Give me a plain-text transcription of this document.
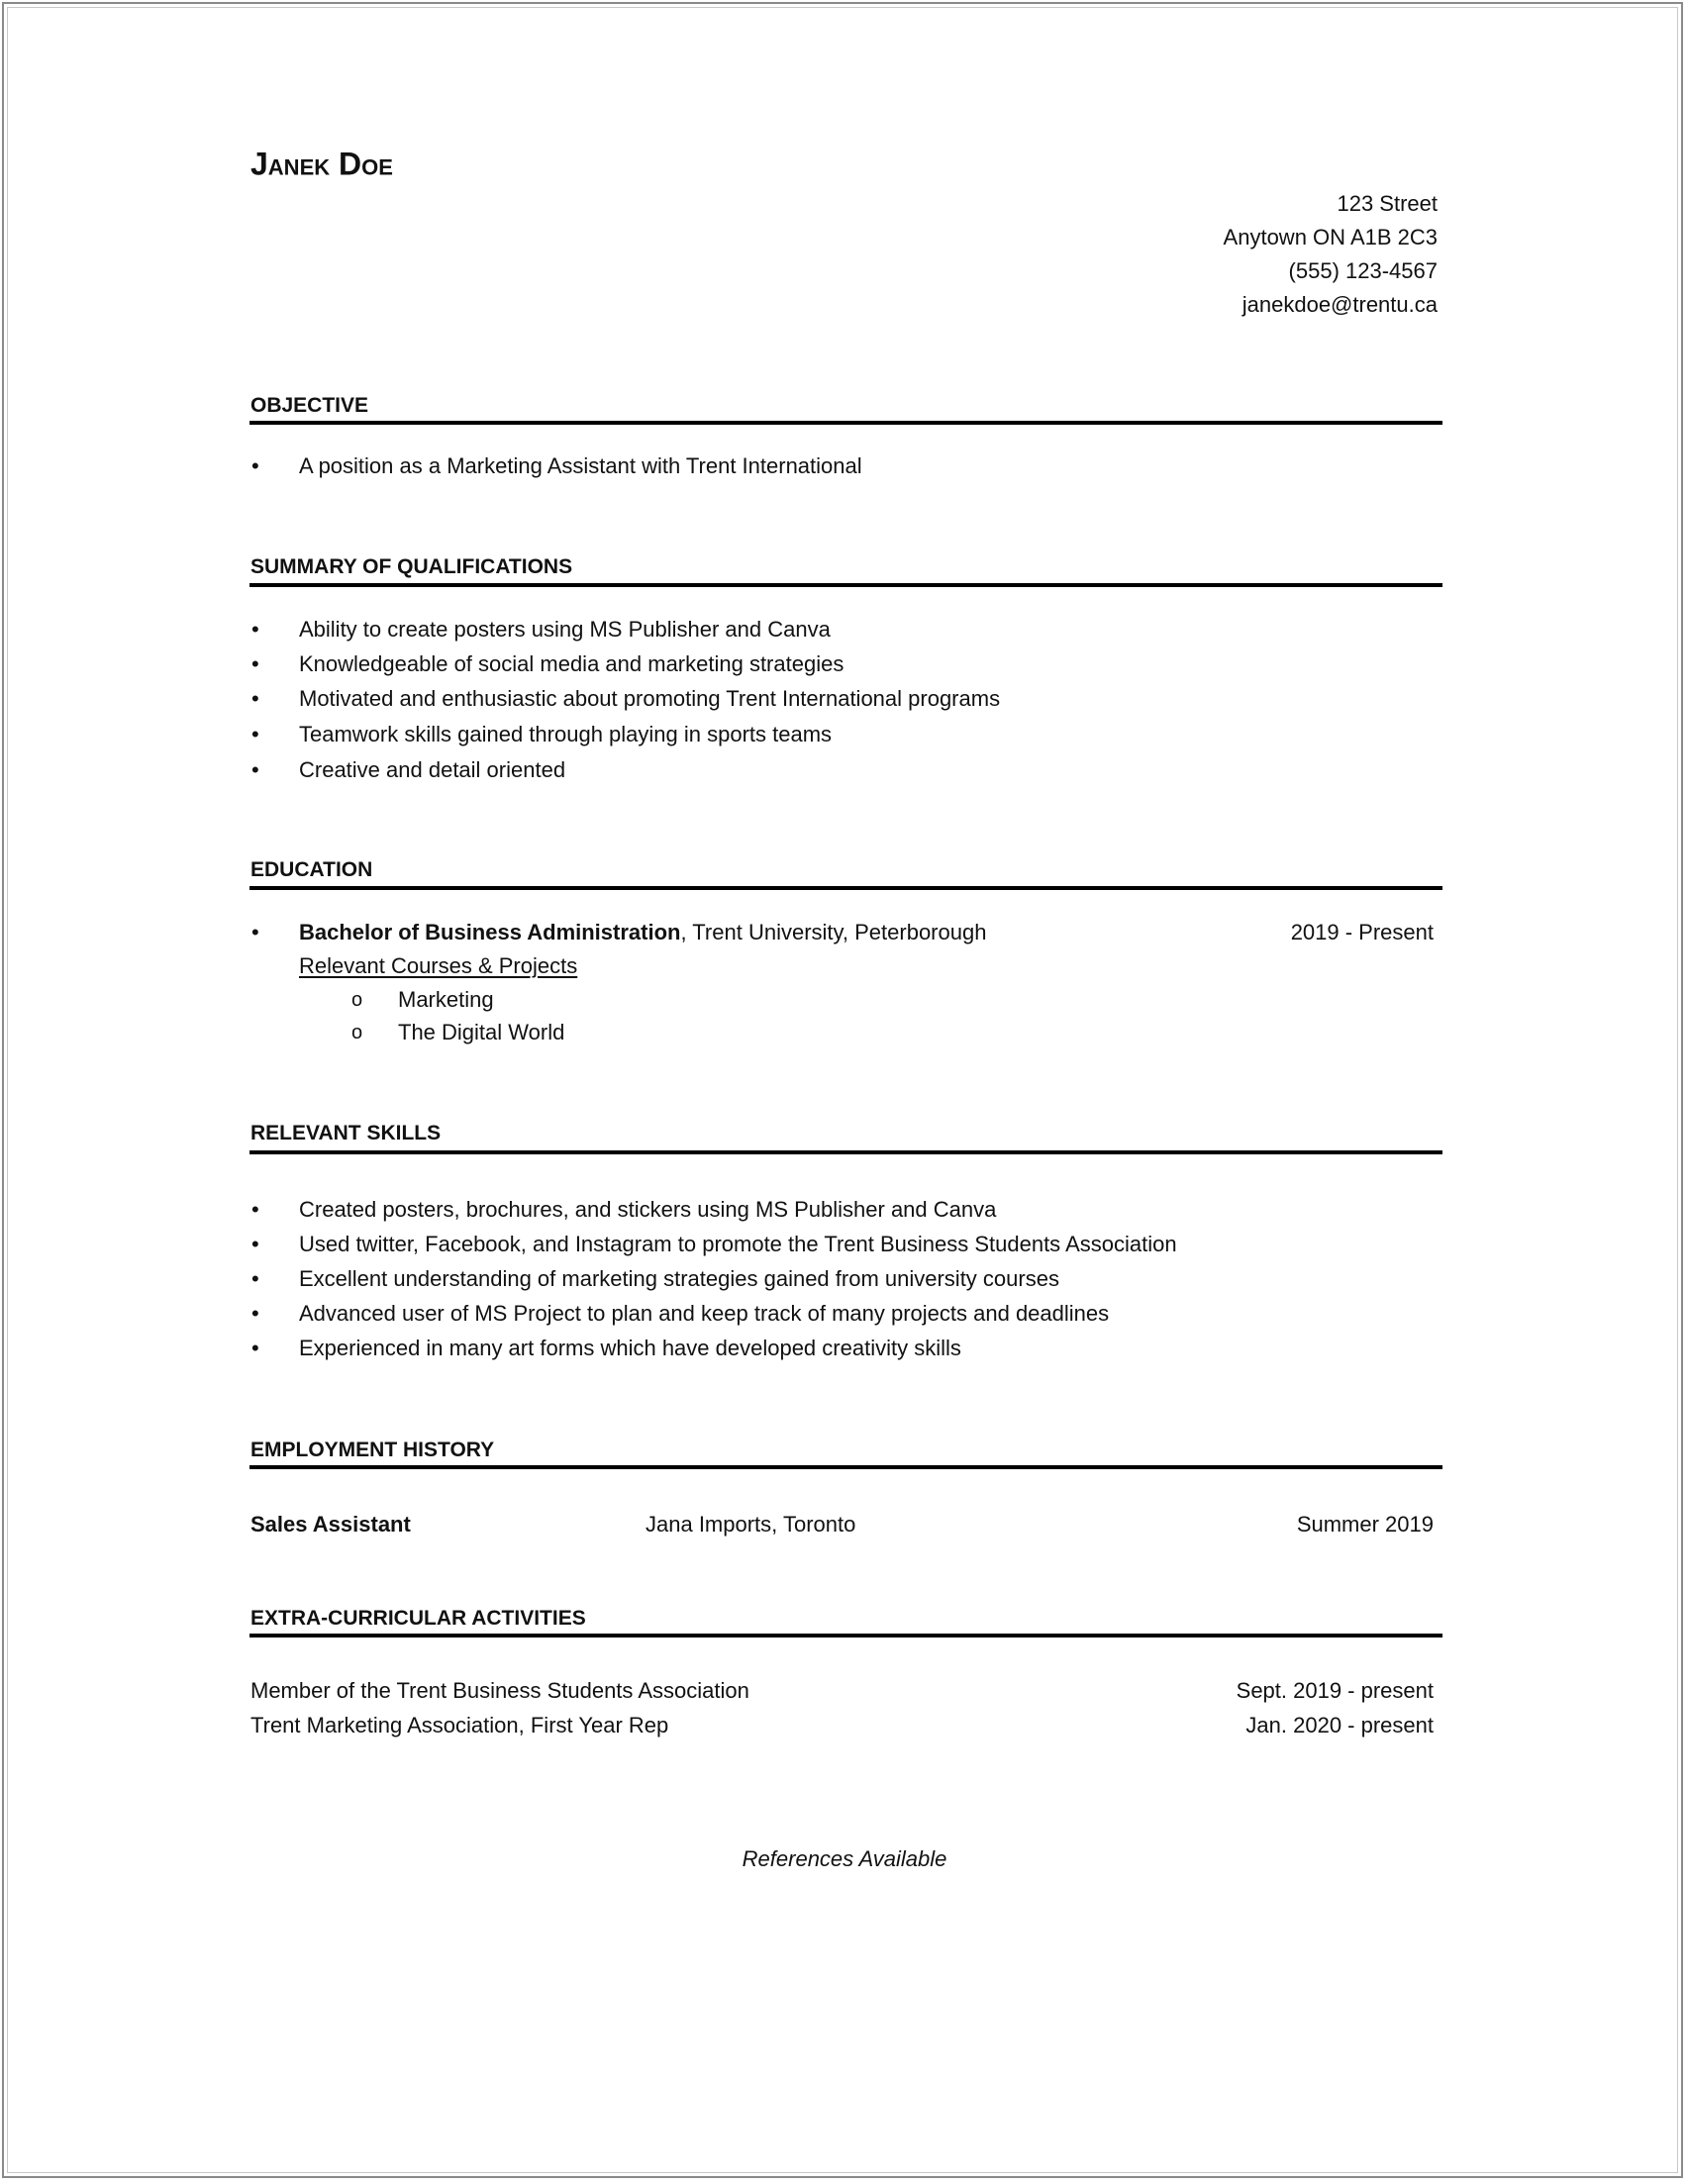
Janek Doe
123 Street
Anytown ON A1B 2C3
(555) 123-4567
janekdoe@trentu.ca
OBJECTIVE
• A position as a Marketing Assistant with Trent International
SUMMARY OF QUALIFICATIONS
• Ability to create posters using MS Publisher and Canva
• Knowledgeable of social media and marketing strategies
• Motivated and enthusiastic about promoting Trent International programs
• Teamwork skills gained through playing in sports teams
• Creative and detail oriented
EDUCATION
• Bachelor of Business Administration, Trent University, Peterborough	2019 - Present
Relevant Courses & Projects
o Marketing
o The Digital World
RELEVANT SKILLS
• Created posters, brochures, and stickers using MS Publisher and Canva
• Used twitter, Facebook, and Instagram to promote the Trent Business Students Association
• Excellent understanding of marketing strategies gained from university courses
• Advanced user of MS Project to plan and keep track of many projects and deadlines
• Experienced in many art forms which have developed creativity skills
EMPLOYMENT HISTORY
Sales Assistant	Jana Imports, Toronto	Summer 2019
EXTRA-CURRICULAR ACTIVITIES
Member of the Trent Business Students Association	Sept. 2019 - present
Trent Marketing Association, First Year Rep	Jan. 2020 - present
References Available
